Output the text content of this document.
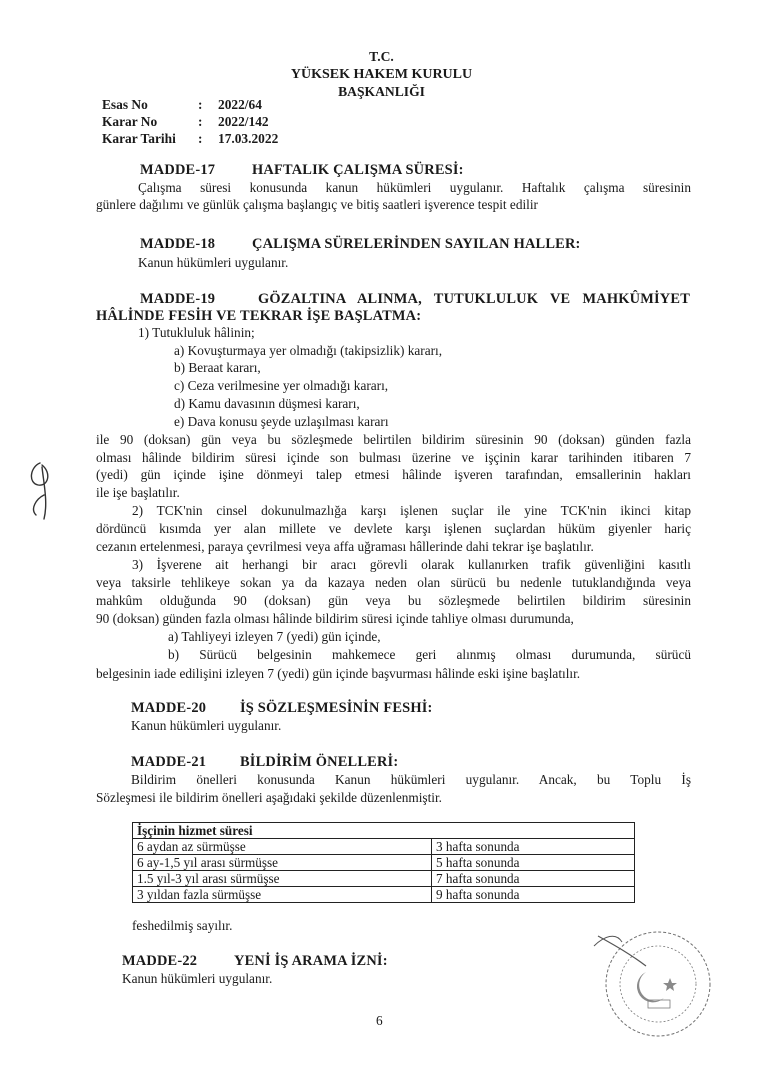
T.C.
YÜKSEK HAKEM KURULU
BAŞKANLIĞI
Esas No	: 2022/64
Karar No	: 2022/142
Karar Tarihi : 17.03.2022
MADDE-17	HAFTALIK ÇALIŞMA SÜRESİ:
Çalışma süresi konusunda kanun hükümleri uygulanır. Haftalık çalışma süresinin
günlere dağılımı ve günlük çalışma başlangıç ve bitiş saatleri işverence tespit edilir
MADDE-18	ÇALIŞMA SÜRELERİNDEN SAYILAN HALLER:
Kanun hükümleri uygulanır.
MADDE-19	GÖZALTINA ALINMA, TUTUKLULUK VE MAHKÛMİYET
HÂLİNDE FESİH VE TEKRAR İŞE BAŞLATMA:
1) Tutukluluk hâlinin;
a) Kovuşturmaya yer olmadığı (takipsizlik) kararı,
b) Beraat kararı,
c) Ceza verilmesine yer olmadığı kararı,
d) Kamu davasının düşmesi kararı,
e) Dava konusu şeyde uzlaşılması kararı
ile 90 (doksan) gün veya bu sözleşmede belirtilen bildirim süresinin 90 (doksan) günden fazla
olması hâlinde bildirim süresi içinde son bulması üzerine ve işçinin karar tarihinden itibaren 7
(yedi) gün içinde işine dönmeyi talep etmesi hâlinde işveren tarafından, emsallerinin hakları
ile işe başlatılır.
2) TCK'nin cinsel dokunulmazlığa karşı işlenen suçlar ile yine TCK'nin ikinci kitap
dördüncü kısımda yer alan millete ve devlete karşı işlenen suçlardan hüküm giyenler hariç
cezanın ertelenmesi, paraya çevrilmesi veya affa uğraması hâllerinde dahi tekrar işe başlatılır.
3) İşverene ait herhangi bir aracı görevli olarak kullanırken trafik güvenliğini kasıtlı
veya taksirle tehlikeye sokan ya da kazaya neden olan sürücü bu nedenle tutuklandığında veya
mahkûm olduğunda 90 (doksan) gün veya bu sözleşmede belirtilen bildirim süresinin
90 (doksan) günden fazla olması hâlinde bildirim süresi içinde tahliye olması durumunda,
a) Tahliyeyi izleyen 7 (yedi) gün içinde,
b) Sürücü belgesinin mahkemece geri alınmış olması durumunda, sürücü
belgesinin iade edilişini izleyen 7 (yedi) gün içinde başvurması hâlinde eski işine başlatılır.
MADDE-20 İŞ SÖZLEŞMESİNİN FESHİ:
Kanun hükümleri uygulanır.
MADDE-21 BİLDİRİM ÖNELLERİ:
Bildirim önelleri konusunda Kanun hükümleri uygulanır. Ancak, bu Toplu İş
Sözleşmesi ile bildirim önelleri aşağıdaki şekilde düzenlenmiştir.
İşçinin hizmet süresi	
6 aydan az sürmüşse	3 hafta sonunda
6 ay-1,5 yıl arası sürmüşse	5 hafta sonunda
1.5 yıl-3 yıl arası sürmüşse	7 hafta sonunda
3 yıldan fazla sürmüşse	9 hafta sonunda
feshedilmiş sayılır.
MADDE-22	YENİ İŞ ARAMA İZNİ:
Kanun hükümleri uygulanır.
6
